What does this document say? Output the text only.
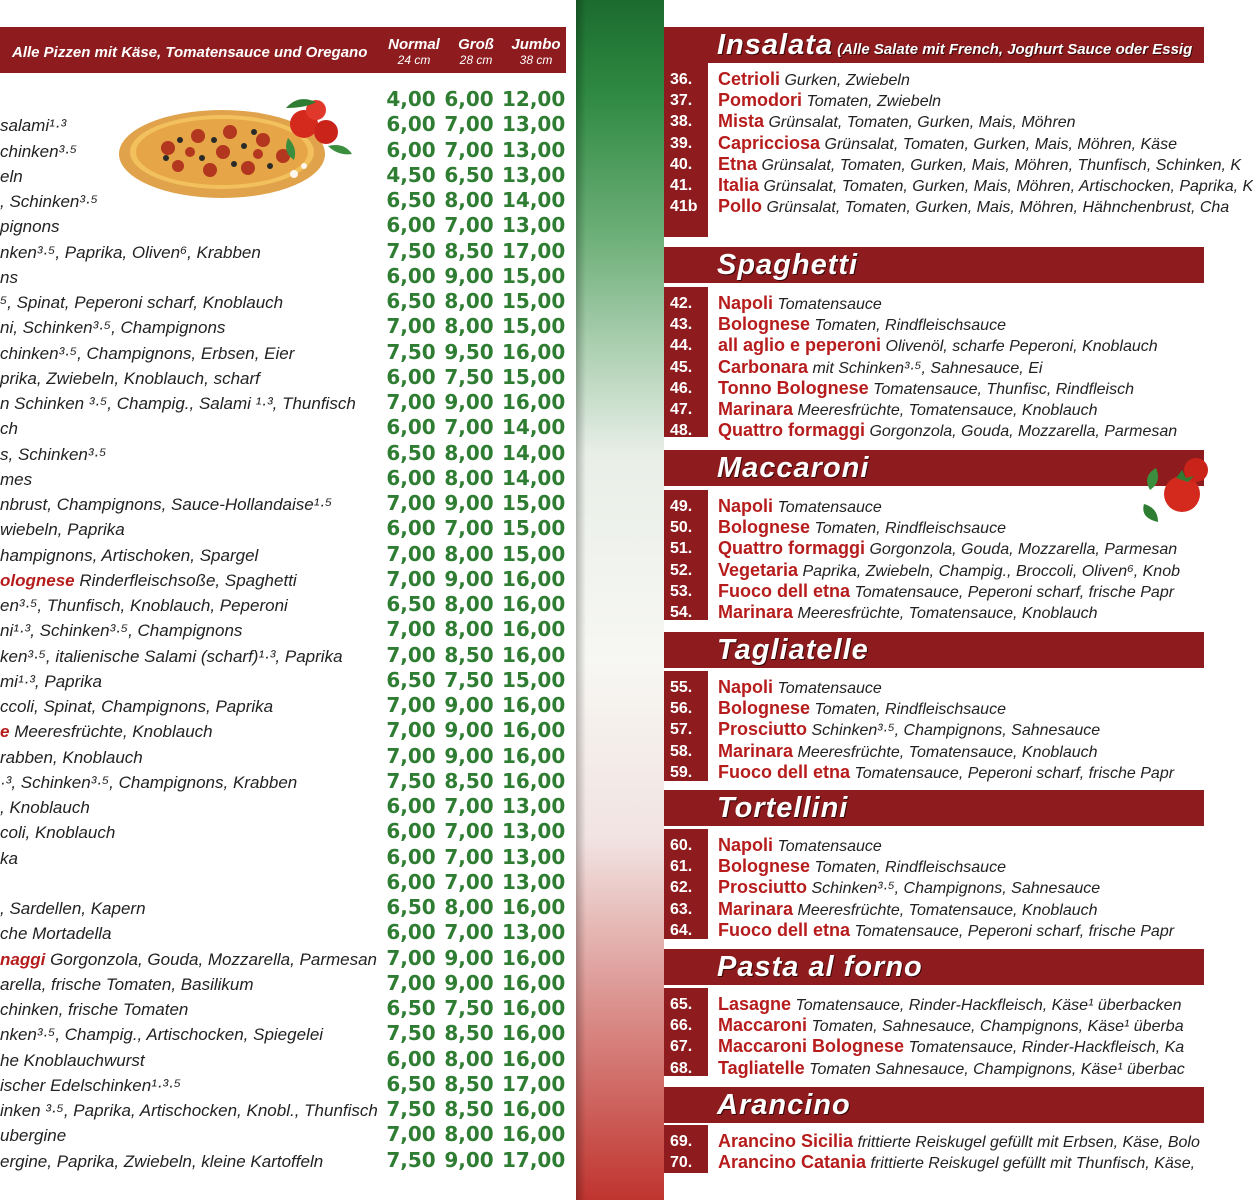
Alle Pizzen mit Käse, Tomatensauce und Oregano	Normal
24 cm
Groß
28 cm
Jumbo
38 cm
4,00 6,00 12,00
salami¹·³	6,00 7,00 13,00
chinken³·⁵	6,00 7,00 13,00
eln	4,50 6,50 13,00
, Schinken³·⁵	6,50 8,00 14,00
pignons	6,00 7,00 13,00
nken³·⁵, Paprika, Oliven⁶, Krabben	7,50 8,50 17,00
ns	6,00 9,00 15,00
⁵, Spinat, Peperoni scharf, Knoblauch	6,50 8,00 15,00
ni, Schinken³·⁵, Champignons	7,00 8,00 15,00
chinken³·⁵, Champignons, Erbsen, Eier	7,50 9,50 16,00
prika, Zwiebeln, Knoblauch, scharf	6,00 7,50 15,00
n Schinken ³·⁵, Champig., Salami ¹·³, Thunfisch	7,00 9,00 16,00
ch	6,00 7,00 14,00
s, Schinken³·⁵	6,50 8,00 14,00
mes	6,00 8,00 14,00
nbrust, Champignons, Sauce-Hollandaise¹·⁵	7,00 9,00 15,00
wiebeln, Paprika	6,00 7,00 15,00
hampignons, Artischoken, Spargel	7,00 8,00 15,00
olognese Rinderfleischsoße, Spaghetti	7,00 9,00 16,00
en³·⁵, Thunfisch, Knoblauch, Peperoni	6,50 8,00 16,00
ni¹·³, Schinken³·⁵, Champignons	7,00 8,00 16,00
ken³·⁵, italienische Salami (scharf)¹·³, Paprika	7,00 8,50 16,00
mi¹·³, Paprika	6,50 7,50 15,00
ccoli, Spinat, Champignons, Paprika	7,00 9,00 16,00
e Meeresfrüchte, Knoblauch	7,00 9,00 16,00
rabben, Knoblauch	7,00 9,00 16,00
·³, Schinken³·⁵, Champignons, Krabben	7,50 8,50 16,00
, Knoblauch	6,00 7,00 13,00
coli, Knoblauch	6,00 7,00 13,00
ka	6,00 7,00 13,00
6,00 7,00 13,00
, Sardellen, Kapern	6,50 8,00 16,00
che Mortadella	6,00 7,00 13,00
naggi Gorgonzola, Gouda, Mozzarella, Parmesan 7,00 9,00 16,00
arella, frische Tomaten, Basilikum	7,00 9,00 16,00
chinken, frische Tomaten	6,50 7,50 16,00
nken³·⁵, Champig., Artischocken, Spiegelei	7,50 8,50 16,00
he Knoblauchwurst	6,00 8,00 16,00
ischer Edelschinken¹·³·⁵	6,50 8,50 17,00
inken ³·⁵, Paprika, Artischocken, Knobl., Thunfisch 7,50 8,50 16,00
ubergine	7,00 8,00 16,00
ergine, Paprika, Zwiebeln, kleine Kartoffeln	7,50 9,00 17,00
Insalata (Alle Salate mit French, Joghurt Sauce oder Essig
36.	Cetrioli Gurken, Zwiebeln
37.	Pomodori Tomaten, Zwiebeln
38.	Mista Grünsalat, Tomaten, Gurken, Mais, Möhren
39.	Capricciosa Grünsalat, Tomaten, Gurken, Mais, Möhren, Käse
40.	Etna Grünsalat, Tomaten, Gurken, Mais, Möhren, Thunfisch, Schinken, K
41.	Italia Grünsalat, Tomaten, Gurken, Mais, Möhren, Artischocken, Paprika, K
41b	Pollo Grünsalat, Tomaten, Gurken, Mais, Möhren, Hähnchenbrust, Cha
Spaghetti
42.	Napoli Tomatensauce
43.	Bolognese Tomaten, Rindfleischsauce
44.	all aglio e peperoni Olivenöl, scharfe Peperoni, Knoblauch
45.	Carbonara mit Schinken³·⁵, Sahnesauce, Ei
46.	Tonno Bolognese Tomatensauce, Thunfisc, Rindfleisch
47.	Marinara Meeresfrüchte, Tomatensauce, Knoblauch
48.	Quattro formaggi Gorgonzola, Gouda, Mozzarella, Parmesan
Maccaroni
49.	Napoli Tomatensauce
50.	Bolognese Tomaten, Rindfleischsauce
51.	Quattro formaggi Gorgonzola, Gouda, Mozzarella, Parmesan
52.	Vegetaria Paprika, Zwiebeln, Champig., Broccoli, Oliven⁶, Knob
53.	Fuoco dell etna Tomatensauce, Peperoni scharf, frische Papr
54.	Marinara Meeresfrüchte, Tomatensauce, Knoblauch
Tagliatelle
55.	Napoli Tomatensauce
56.	Bolognese Tomaten, Rindfleischsauce
57.	Prosciutto Schinken³·⁵, Champignons, Sahnesauce
58.	Marinara Meeresfrüchte, Tomatensauce, Knoblauch
59.	Fuoco dell etna Tomatensauce, Peperoni scharf, frische Papr
Tortellini
60.	Napoli Tomatensauce
61.	Bolognese Tomaten, Rindfleischsauce
62.	Prosciutto Schinken³·⁵, Champignons, Sahnesauce
63.	Marinara Meeresfrüchte, Tomatensauce, Knoblauch
64.	Fuoco dell etna Tomatensauce, Peperoni scharf, frische Papr
Pasta al forno
65.	Lasagne Tomatensauce, Rinder-Hackfleisch, Käse¹ überbacken
66.	Maccaroni Tomaten, Sahnesauce, Champignons, Käse¹ überba
67.	Maccaroni Bolognese Tomatensauce, Rinder-Hackfleisch, Ka
68.	Tagliatelle Tomaten Sahnesauce, Champignons, Käse¹ überbac
Arancino
69.	Arancino Sicilia frittierte Reiskugel gefüllt mit Erbsen, Käse, Bolo
70.	Arancino Catania frittierte Reiskugel gefüllt mit Thunfisch, Käse,
